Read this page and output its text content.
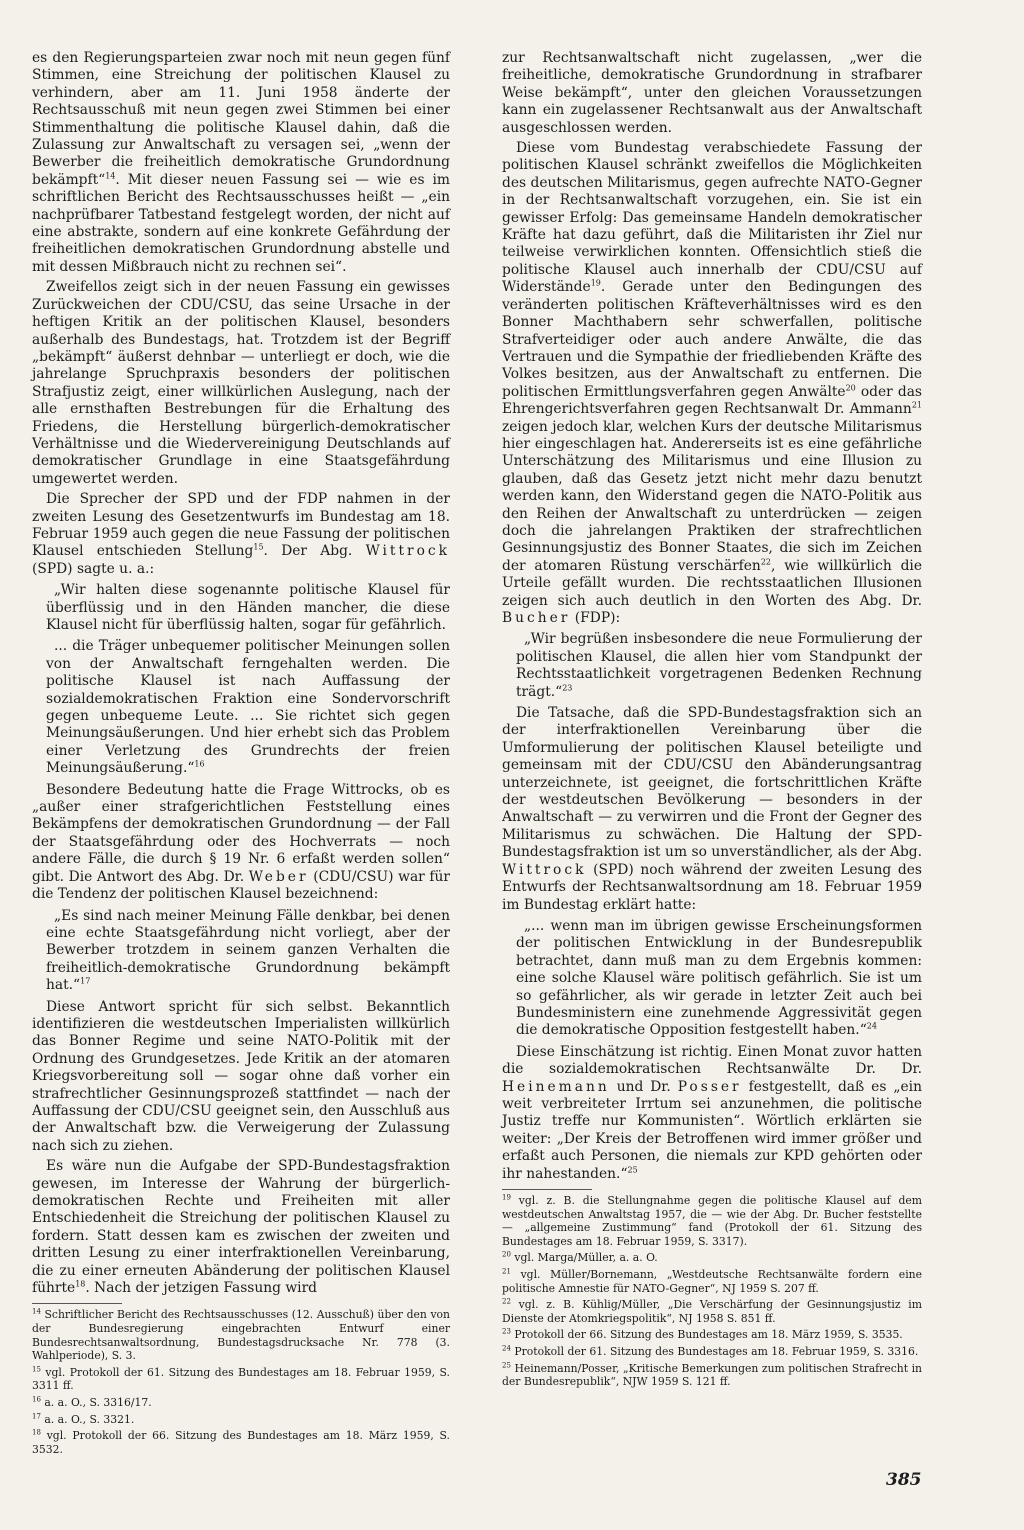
es den Regierungsparteien zwar noch mit neun gegen fünf Stimmen, eine Streichung der politischen Klausel zu verhindern, aber am 11. Juni 1958 änderte der Rechtsausschuß mit neun gegen zwei Stimmen bei einer Stimmenthaltung die politische Klausel dahin, daß die Zulassung zur Anwaltschaft zu versagen sei, „wenn der Bewerber die freiheitlich demokratische Grundordnung bekämpft“$^{14}$. Mit dieser neuen Fassung sei — wie es im schriftlichen Bericht des Rechtsausschusses heißt — „ein nachprüfbarer Tatbestand festgelegt worden, der nicht auf eine abstrakte, sondern auf eine konkrete Gefährdung der freiheitlichen demokratischen Grundordnung abstelle und mit dessen Mißbrauch nicht zu rechnen sei“.

Zweifellos zeigt sich in der neuen Fassung ein gewisses Zurückweichen der CDU/CSU, das seine Ursache in der heftigen Kritik an der politischen Klausel, besonders außerhalb des Bundestags, hat. Trotzdem ist der Begriff „bekämpft“ äußerst dehnbar — unterliegt er doch, wie die jahrelange Spruchpraxis besonders der politischen Strafjustiz zeigt, einer willkürlichen Auslegung, nach der alle ernsthaften Bestrebungen für die Erhaltung des Friedens, die Herstellung bürgerlich-demokratischer Verhältnisse und die Wiedervereinigung Deutschlands auf demokratischer Grundlage in eine Staatsgefährdung umgewertet werden.

Die Sprecher der SPD und der FDP nahmen in der zweiten Lesung des Gesetzentwurfs im Bundestag am 18. Februar 1959 auch gegen die neue Fassung der politischen Klausel entschieden Stellung$^{15}$. Der Abg. Wittrock (SPD) sagte u. a.:

„Wir halten diese sogenannte politische Klausel für überflüssig und in den Händen mancher, die diese Klausel nicht für überflüssig halten, sogar für gefährlich.
... die Träger unbequemer politischer Meinungen sollen von der Anwaltschaft ferngehalten werden. Die politische Klausel ist nach Auffassung der sozialdemokratischen Fraktion eine Sondervorschrift gegen unbequeme Leute. ... Sie richtet sich gegen Meinungsäußerungen. Und hier erhebt sich das Problem einer Verletzung des Grundrechts der freien Meinungsäußerung.“$^{16}$

Besondere Bedeutung hatte die Frage Wittrocks, ob es „außer einer strafgerichtlichen Feststellung eines Bekämpfens der demokratischen Grundordnung — der Fall der Staatsgefährdung oder des Hochverrats — noch andere Fälle, die durch § 19 Nr. 6 erfaßt werden sollen“ gibt. Die Antwort des Abg. Dr. Weber (CDU/CSU) war für die Tendenz der politischen Klausel bezeichnend:

„Es sind nach meiner Meinung Fälle denkbar, bei denen eine echte Staatsgefährdung nicht vorliegt, aber der Bewerber trotzdem in seinem ganzen Verhalten die freiheitlich-demokratische Grundordnung bekämpft hat.“$^{17}$

Diese Antwort spricht für sich selbst. Bekanntlich identifizieren die westdeutschen Imperialisten willkürlich das Bonner Regime und seine NATO-Politik mit der Ordnung des Grundgesetzes. Jede Kritik an der atomaren Kriegsvorbereitung soll — sogar ohne daß vorher ein strafrechtlicher Gesinnungsprozeß stattfindet — nach der Auffassung der CDU/CSU geeignet sein, den Ausschluß aus der Anwaltschaft bzw. die Verweigerung der Zulassung nach sich zu ziehen.

Es wäre nun die Aufgabe der SPD-Bundestagsfraktion gewesen, im Interesse der Wahrung der bürgerlich-demokratischen Rechte und Freiheiten mit aller Entschiedenheit die Streichung der politischen Klausel zu fordern. Statt dessen kam es zwischen der zweiten und dritten Lesung zu einer interfraktionellen Vereinbarung, die zu einer erneuten Abänderung der politischen Klausel führte$^{18}$. Nach der jetzigen Fassung wird

$^{14}$ Schriftlicher Bericht des Rechtsausschusses (12. Ausschuß) über den von der Bundesregierung eingebrachten Entwurf einer Bundesrechtsanwaltsordnung, Bundestagsdrucksache Nr. 778 (3. Wahlperiode), S. 3.

$^{15}$ vgl. Protokoll der 61. Sitzung des Bundestages am 18. Februar 1959, S. 3311 ff.

$^{16}$ a. a. O., S. 3316/17.

$^{17}$ a. a. O., S. 3321.

$^{18}$ vgl. Protokoll der 66. Sitzung des Bundestages am 18. März 1959, S. 3532.

zur Rechtsanwaltschaft nicht zugelassen, „wer die freiheitliche, demokratische Grundordnung in strafbarer Weise bekämpft“, unter den gleichen Voraussetzungen kann ein zugelassener Rechtsanwalt aus der Anwaltschaft ausgeschlossen werden.

Diese vom Bundestag verabschiedete Fassung der politischen Klausel schränkt zweifellos die Möglichkeiten des deutschen Militarismus, gegen aufrechte NATO-Gegner in der Rechtsanwaltschaft vorzugehen, ein. Sie ist ein gewisser Erfolg: Das gemeinsame Handeln demokratischer Kräfte hat dazu geführt, daß die Militaristen ihr Ziel nur teilweise verwirklichen konnten. Offensichtlich stieß die politische Klausel auch innerhalb der CDU/CSU auf Widerstände$^{19}$. Gerade unter den Bedingungen des veränderten politischen Kräfteverhältnisses wird es den Bonner Machthabern sehr schwerfallen, politische Strafverteidiger oder auch andere Anwälte, die das Vertrauen und die Sympathie der friedliebenden Kräfte des Volkes besitzen, aus der Anwaltschaft zu entfernen. Die politischen Ermittlungsverfahren gegen Anwälte$^{20}$ oder das Ehrengerichtsverfahren gegen Rechtsanwalt Dr. Ammann$^{21}$ zeigen jedoch klar, welchen Kurs der deutsche Militarismus hier eingeschlagen hat. Andererseits ist es eine gefährliche Unterschätzung des Militarismus und eine Illusion zu glauben, daß das Gesetz jetzt nicht mehr dazu benutzt werden kann, den Widerstand gegen die NATO-Politik aus den Reihen der Anwaltschaft zu unterdrücken — zeigen doch die jahrelangen Praktiken der strafrechtlichen Gesinnungsjustiz des Bonner Staates, die sich im Zeichen der atomaren Rüstung verschärfen$^{22}$, wie willkürlich die Urteile gefällt wurden. Die rechtsstaatlichen Illusionen zeigen sich auch deutlich in den Worten des Abg. Dr. Bucher (FDP):

„Wir begrüßen insbesondere die neue Formulierung der politischen Klausel, die allen hier vom Standpunkt der Rechtsstaatlichkeit vorgetragenen Bedenken Rechnung trägt.“$^{23}$

Die Tatsache, daß die SPD-Bundestagsfraktion sich an der interfraktionellen Vereinbarung über die Umformulierung der politischen Klausel beteiligte und gemeinsam mit der CDU/CSU den Abänderungsantrag unterzeichnete, ist geeignet, die fortschrittlichen Kräfte der westdeutschen Bevölkerung — besonders in der Anwaltschaft — zu verwirren und die Front der Gegner des Militarismus zu schwächen. Die Haltung der SPD-Bundestagsfraktion ist um so unverständlicher, als der Abg. Wittrock (SPD) noch während der zweiten Lesung des Entwurfs der Rechtsanwaltsordnung am 18. Februar 1959 im Bundestag erklärt hatte:

„... wenn man im übrigen gewisse Erscheinungsformen der politischen Entwicklung in der Bundesrepublik betrachtet, dann muß man zu dem Ergebnis kommen: eine solche Klausel wäre politisch gefährlich. Sie ist um so gefährlicher, als wir gerade in letzter Zeit auch bei Bundesministern eine zunehmende Aggressivität gegen die demokratische Opposition festgestellt haben.“$^{24}$

Diese Einschätzung ist richtig. Einen Monat zuvor hatten die sozialdemokratischen Rechtsanwälte Dr. Dr. Heinemann und Dr. Posser festgestellt, daß es „ein weit verbreiteter Irrtum sei anzunehmen, die politische Justiz treffe nur Kommunisten“. Wörtlich erklärten sie weiter: „Der Kreis der Betroffenen wird immer größer und erfaßt auch Personen, die niemals zur KPD gehörten oder ihr nahestanden.“$^{25}$

$^{19}$ vgl. z. B. die Stellungnahme gegen die politische Klausel auf dem westdeutschen Anwaltstag 1957, die — wie der Abg. Dr. Bucher feststellte — „allgemeine Zustimmung“ fand (Protokoll der 61. Sitzung des Bundestages am 18. Februar 1959, S. 3317).

$^{20}$ vgl. Marga/Müller, a. a. O.

$^{21}$ vgl. Müller/Bornemann, „Westdeutsche Rechtsanwälte fordern eine politische Amnestie für NATO-Gegner“, NJ 1959 S. 207 ff.

$^{22}$ vgl. z. B. Kühlig/Müller, „Die Verschärfung der Gesinnungsjustiz im Dienste der Atomkriegspolitik“, NJ 1958 S. 851 ff.

$^{23}$ Protokoll der 66. Sitzung des Bundestages am 18. März 1959, S. 3535.

$^{24}$ Protokoll der 61. Sitzung des Bundestages am 18. Februar 1959, S. 3316.

$^{25}$ Heinemann/Posser, „Kritische Bemerkungen zum politischen Strafrecht in der Bundesrepublik“, NJW 1959 S. 121 ff.

385
